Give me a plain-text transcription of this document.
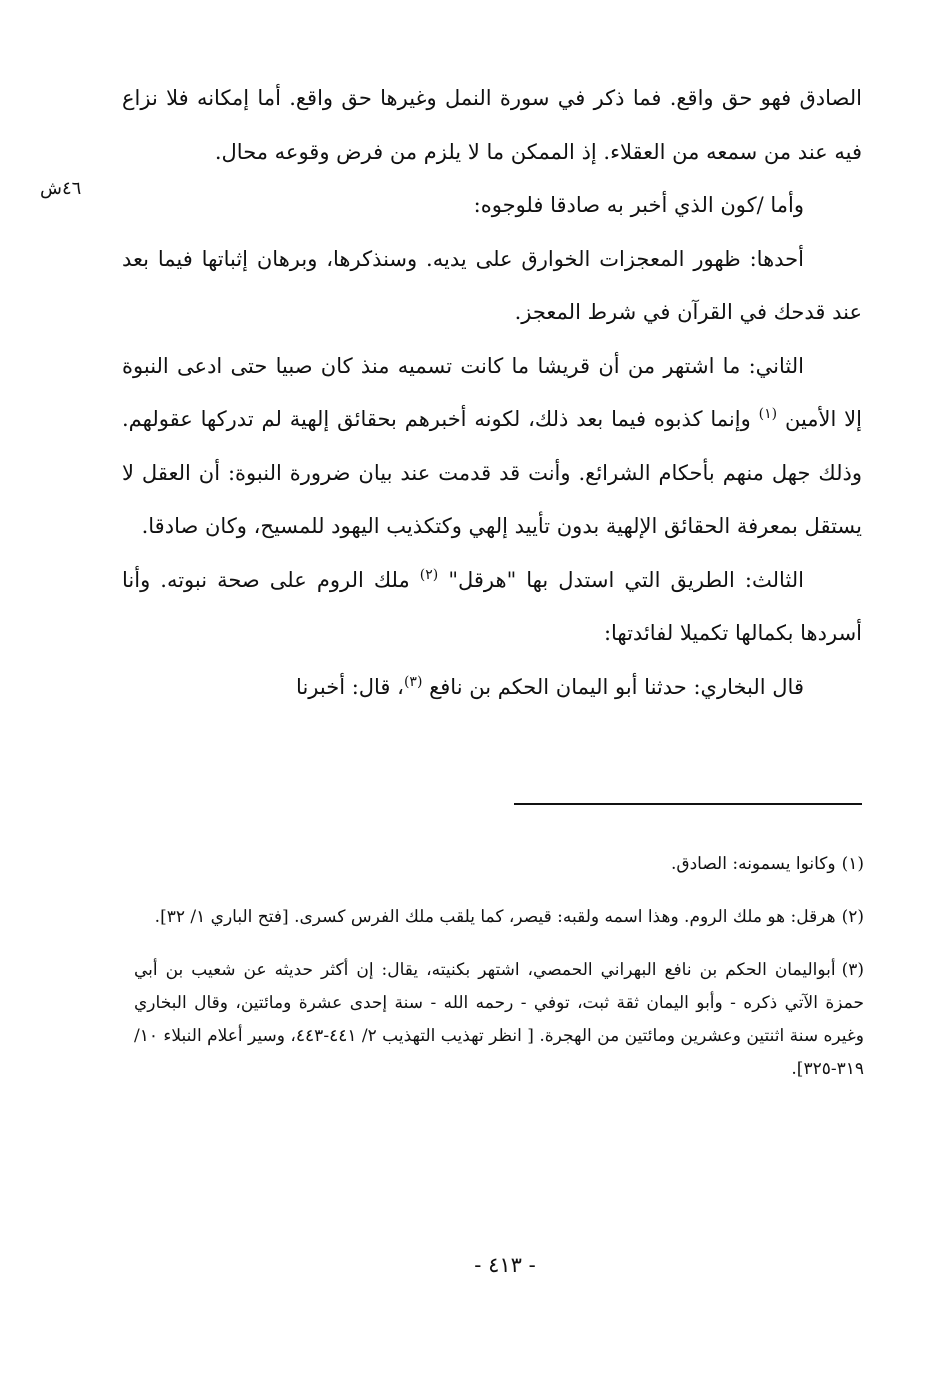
٤٦ش

الصادق فهو حق واقع. فما ذكر في سورة النمل وغيرها حق واقع. أما إمكانه فلا نزاع فيه عند من سمعه من العقلاء. إذ الممكن ما لا يلزم من فرض وقوعه محال.

وأما /كون الذي أخبر به صادقا فلوجوه:

أحدها: ظهور المعجزات الخوارق على يديه. وسنذكرها، وبرهان إثباتها فيما بعد عند قدحك في القرآن في شرط المعجز.

الثاني: ما اشتهر من أن قريشا ما كانت تسميه منذ كان صبيا حتى ادعى النبوة إلا الأمين $^{(١)}$ وإنما كذبوه فيما بعد ذلك، لكونه أخبرهم بحقائق إلهية لم تدركها عقولهم. وذلك جهل منهم بأحكام الشرائع. وأنت قد قدمت عند بيان ضرورة النبوة: أن العقل لا يستقل بمعرفة الحقائق الإلهية بدون تأييد إلهي وكتكذيب اليهود للمسيح، وكان صادقا.

الثالث: الطريق التي استدل بها "هرقل" $^{(٢)}$ ملك الروم على صحة نبوته. وأنا أسردها بكمالها تكميلا لفائدتها:

قال البخاري: حدثنا أبو اليمان الحكم بن نافع $^{(٣)}$، قال: أخبرنا

(١)وكانوا يسمونه: الصادق.

(٢)هرقل: هو ملك الروم. وهذا اسمه ولقبه: قيصر، كما يلقب ملك الفرس كسرى. [فتح الباري ١/ ٣٢].

(٣)أبواليمان الحكم بن نافع البهراني الحمصي، اشتهر بكنيته، يقال: إن أكثر حديثه عن شعيب بن أبي حمزة الآتي ذكره - وأبو اليمان ثقة ثبت، توفي - رحمه الله - سنة إحدى عشرة ومائتين، وقال البخاري وغيره سنة اثنتين وعشرين ومائتين من الهجرة. [ انظر تهذيب التهذيب ٢/ ٤٤١-٤٤٣، وسير أعلام النبلاء ١٠/ ٣١٩-٣٢٥].

- ٤١٣ -
